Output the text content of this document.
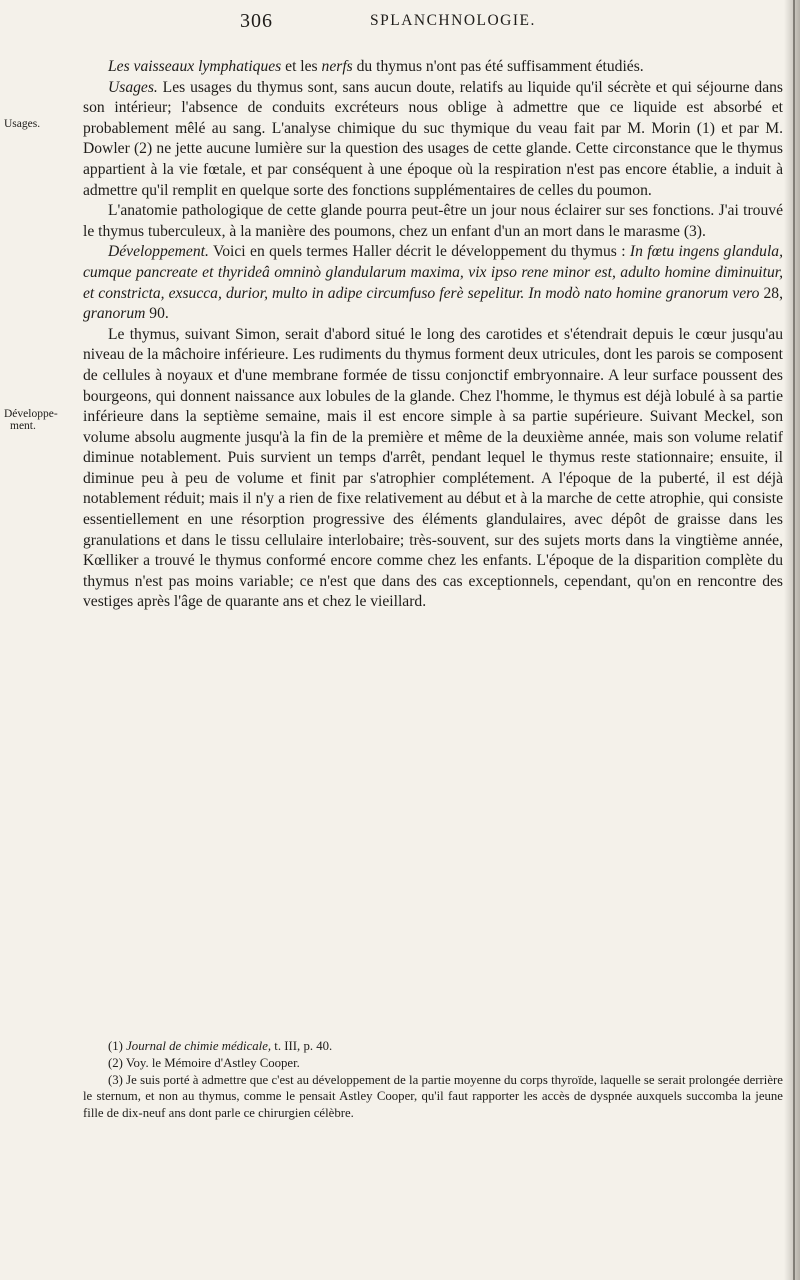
306	SPLANCHNOLOGIE.
Usages.
Développe-
ment.

Les vaisseaux lymphatiques et les nerfs du thymus n'ont pas été suffisamment étudiés.

Usages. Les usages du thymus sont, sans aucun doute, relatifs au liquide qu'il sécrète et qui séjourne dans son intérieur; l'absence de conduits excréteurs nous oblige à admettre que ce liquide est absorbé et probablement mêlé au sang. L'analyse chimique du suc thymique du veau fait par M. Morin (1) et par M. Dowler (2) ne jette aucune lumière sur la question des usages de cette glande. Cette circonstance que le thymus appartient à la vie fœtale, et par conséquent à une époque où la respiration n'est pas encore établie, a induit à admettre qu'il remplit en quelque sorte des fonctions supplémentaires de celles du poumon.

L'anatomie pathologique de cette glande pourra peut-être un jour nous éclairer sur ses fonctions. J'ai trouvé le thymus tuberculeux, à la manière des poumons, chez un enfant d'un an mort dans le marasme (3).

Développement. Voici en quels termes Haller décrit le développement du thymus : In fœtu ingens glandula, cumque pancreate et thyrideâ omninò glandularum maxima, vix ipso rene minor est, adulto homine diminuitur, et constricta, exsucca, durior, multo in adipe circumfuso ferè sepelitur. In modò nato homine granorum vero 28, granorum 90.

Le thymus, suivant Simon, serait d'abord situé le long des carotides et s'étendrait depuis le cœur jusqu'au niveau de la mâchoire inférieure. Les rudiments du thymus forment deux utricules, dont les parois se composent de cellules à noyaux et d'une membrane formée de tissu conjonctif embryonnaire. A leur surface poussent des bourgeons, qui donnent naissance aux lobules de la glande. Chez l'homme, le thymus est déjà lobulé à sa partie inférieure dans la septième semaine, mais il est encore simple à sa partie supérieure. Suivant Meckel, son volume absolu augmente jusqu'à la fin de la première et même de la deuxième année, mais son volume relatif diminue notablement. Puis survient un temps d'arrêt, pendant lequel le thymus reste stationnaire; ensuite, il diminue peu à peu de volume et finit par s'atrophier complétement. A l'époque de la puberté, il est déjà notablement réduit; mais il n'y a rien de fixe relativement au début et à la marche de cette atrophie, qui consiste essentiellement en une résorption progressive des éléments glandulaires, avec dépôt de graisse dans les granulations et dans le tissu cellulaire interlobaire; très-souvent, sur des sujets morts dans la vingtième année, Kœlliker a trouvé le thymus conformé encore comme chez les enfants. L'époque de la disparition complète du thymus n'est pas moins variable; ce n'est que dans des cas exceptionnels, cependant, qu'on en rencontre des vestiges après l'âge de quarante ans et chez le vieillard.

(1) Journal de chimie médicale, t. III, p. 40.

(2) Voy. le Mémoire d'Astley Cooper.

(3) Je suis porté à admettre que c'est au développement de la partie moyenne du corps thyroïde, laquelle se serait prolongée derrière le sternum, et non au thymus, comme le pensait Astley Cooper, qu'il faut rapporter les accès de dyspnée auxquels succomba la jeune fille de dix-neuf ans dont parle ce chirurgien célèbre.
